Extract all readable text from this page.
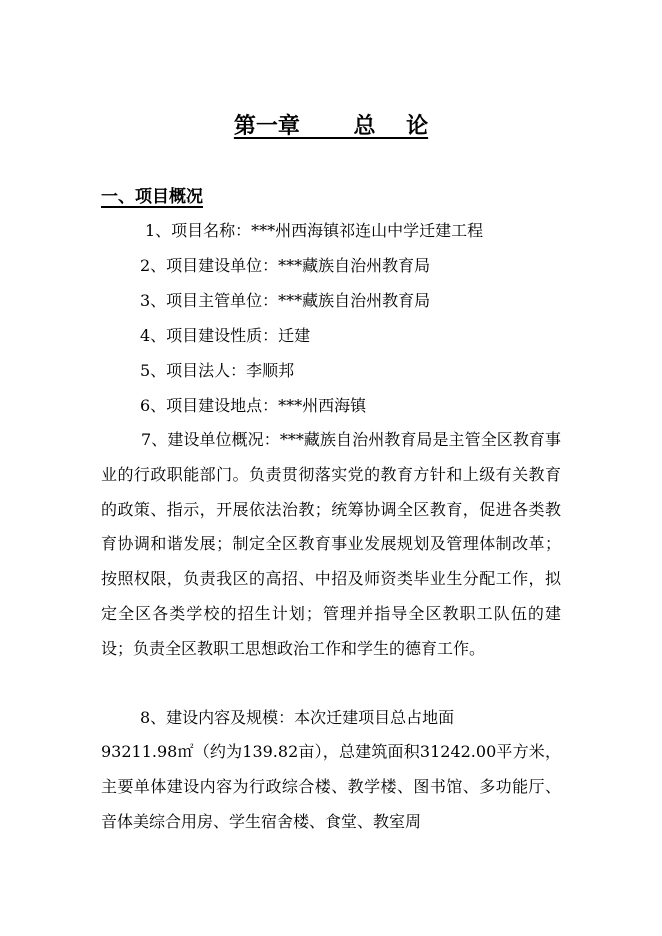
第一章       总    论
一、项目概况
1、项目名称：***州西海镇祁连山中学迁建工程
2、项目建设单位：***藏族自治州教育局
3、项目主管单位：***藏族自治州教育局
4、项目建设性质：迁建
5、项目法人：李顺邦
6、项目建设地点：***州西海镇
7、建设单位概况：***藏族自治州教育局是主管全区教育事业的行政职能部门。负责贯彻落实党的教育方针和上级有关教育的政策、指示，开展依法治教；统筹协调全区教育，促进各类教育协调和谐发展；制定全区教育事业发展规划及管理体制改革；按照权限，负责我区的高招、中招及师资类毕业生分配工作，拟定全区各类学校的招生计划；管理并指导全区教职工队伍的建设；负责全区教职工思想政治工作和学生的德育工作。
8、建设内容及规模：本次迁建项目总占地面
93211.98㎡（约为139.82亩），总建筑面积31242.00平方米，主要单体建设内容为行政综合楼、教学楼、图书馆、多功能厅、音体美综合用房、学生宿舍楼、食堂、教室周
